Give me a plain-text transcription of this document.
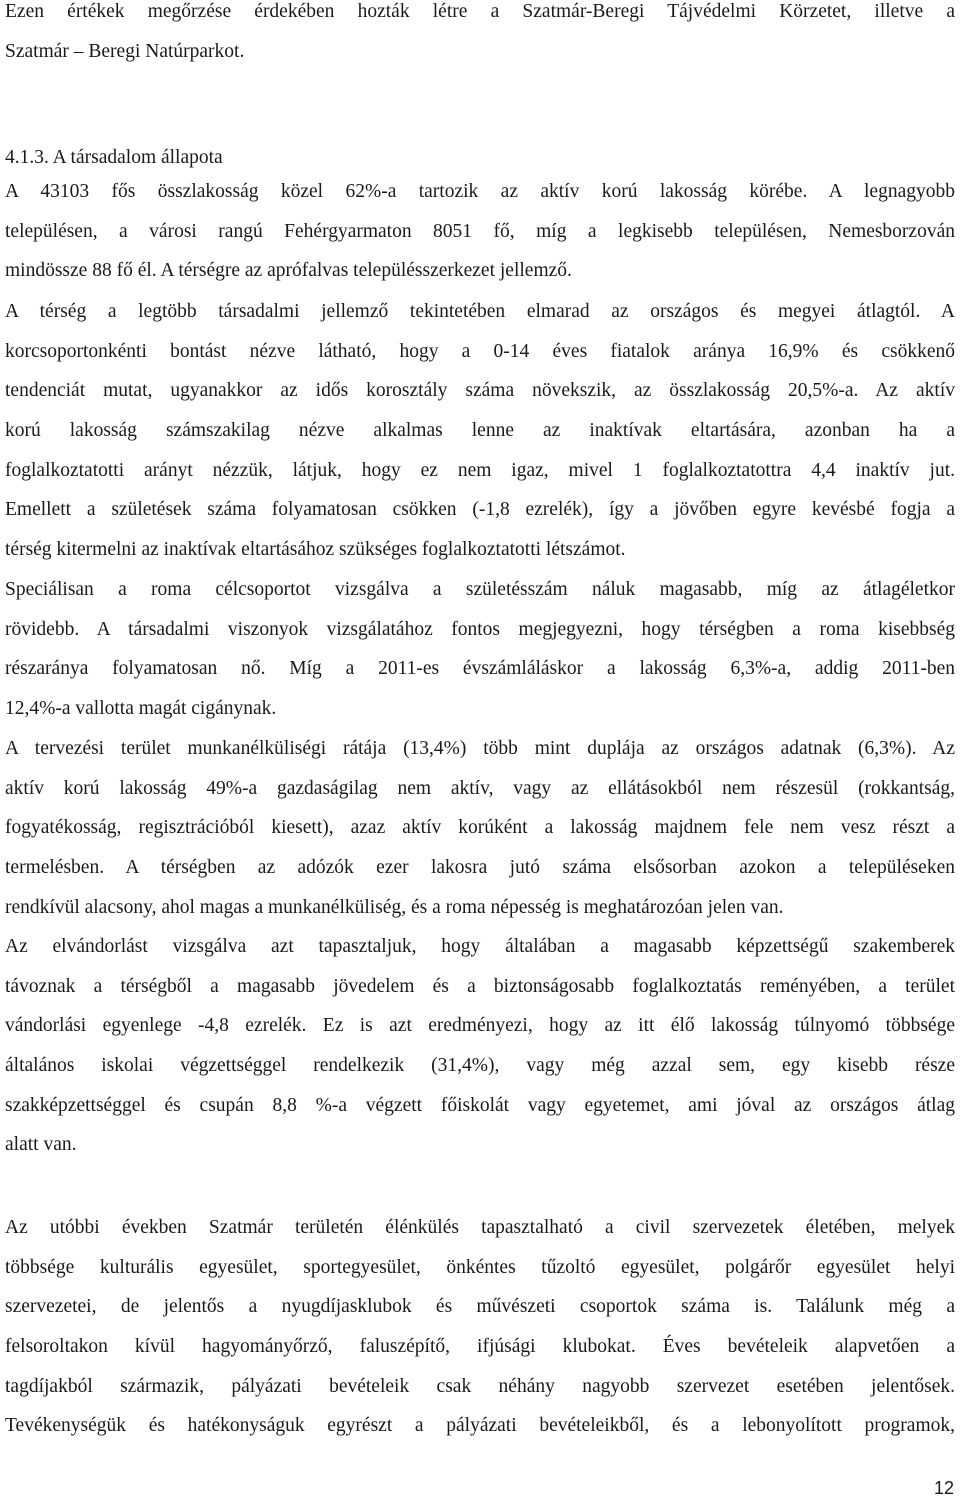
Ezen értékek megőrzése érdekében hozták létre a Szatmár-Beregi Tájvédelmi Körzetet, illetve a
Szatmár – Beregi Natúrparkot.

4.1.3. A társadalom állapota

A 43103 fős összlakosság közel 62%-a tartozik az aktív korú lakosság körébe. A legnagyobb
településen, a városi rangú Fehérgyarmaton 8051 fő, míg a legkisebb településen, Nemesborzován
mindössze 88 fő él. A térségre az aprófalvas településszerkezet jellemző.

A térség a legtöbb társadalmi jellemző tekintetében elmarad az országos és megyei átlagtól. A
korcsoportonkénti bontást nézve látható, hogy a 0-14 éves fiatalok aránya 16,9% és csökkenő
tendenciát mutat, ugyanakkor az idős korosztály száma növekszik, az összlakosság 20,5%-a. Az aktív
korú lakosság számszakilag nézve alkalmas lenne az inaktívak eltartására, azonban ha a
foglalkoztatotti arányt nézzük, látjuk, hogy ez nem igaz, mivel 1 foglalkoztatottra 4,4 inaktív jut.
Emellett a születések száma folyamatosan csökken (-1,8 ezrelék), így a jövőben egyre kevésbé fogja a
térség kitermelni az inaktívak eltartásához szükséges foglalkoztatotti létszámot.

Speciálisan a roma célcsoportot vizsgálva a születésszám náluk magasabb, míg az átlagéletkor
rövidebb. A társadalmi viszonyok vizsgálatához fontos megjegyezni, hogy térségben a roma kisebbség
részaránya folyamatosan nő. Míg a 2011-es évszámláláskor a lakosság 6,3%-a, addig 2011-ben
12,4%-a vallotta magát cigánynak.

A tervezési terület munkanélküliségi rátája (13,4%) több mint duplája az országos adatnak (6,3%). Az
aktív korú lakosság 49%-a gazdaságilag nem aktív, vagy az ellátásokból nem részesül (rokkantság,
fogyatékosság, regisztrációból kiesett), azaz aktív korúként a lakosság majdnem fele nem vesz részt a
termelésben. A térségben az adózók ezer lakosra jutó száma elsősorban azokon a településeken
rendkívül alacsony, ahol magas a munkanélküliség, és a roma népesség is meghatározóan jelen van.

Az elvándorlást vizsgálva azt tapasztaljuk, hogy általában a magasabb képzettségű szakemberek
távoznak a térségből a magasabb jövedelem és a biztonságosabb foglalkoztatás reményében, a terület
vándorlási egyenlege -4,8 ezrelék. Ez is azt eredményezi, hogy az itt élő lakosság túlnyomó többsége
általános iskolai végzettséggel rendelkezik (31,4%), vagy még azzal sem, egy kisebb része
szakképzettséggel és csupán 8,8 %-a végzett főiskolát vagy egyetemet, ami jóval az országos átlag
alatt van.

Az utóbbi években Szatmár területén élénkülés tapasztalható a civil szervezetek életében, melyek
többsége kulturális egyesület, sportegyesület, önkéntes tűzoltó egyesület, polgárőr egyesület helyi
szervezetei, de jelentős a nyugdíjasklubok és művészeti csoportok száma is. Találunk még a
felsoroltakon kívül hagyományőrző, faluszépítő, ifjúsági klubokat. Éves bevételeik alapvetően a
tagdíjakból származik, pályázati bevételeik csak néhány nagyobb szervezet esetében jelentősek.
Tevékenységük és hatékonyságuk egyrészt a pályázati bevételeikből, és a lebonyolított programok,

12
